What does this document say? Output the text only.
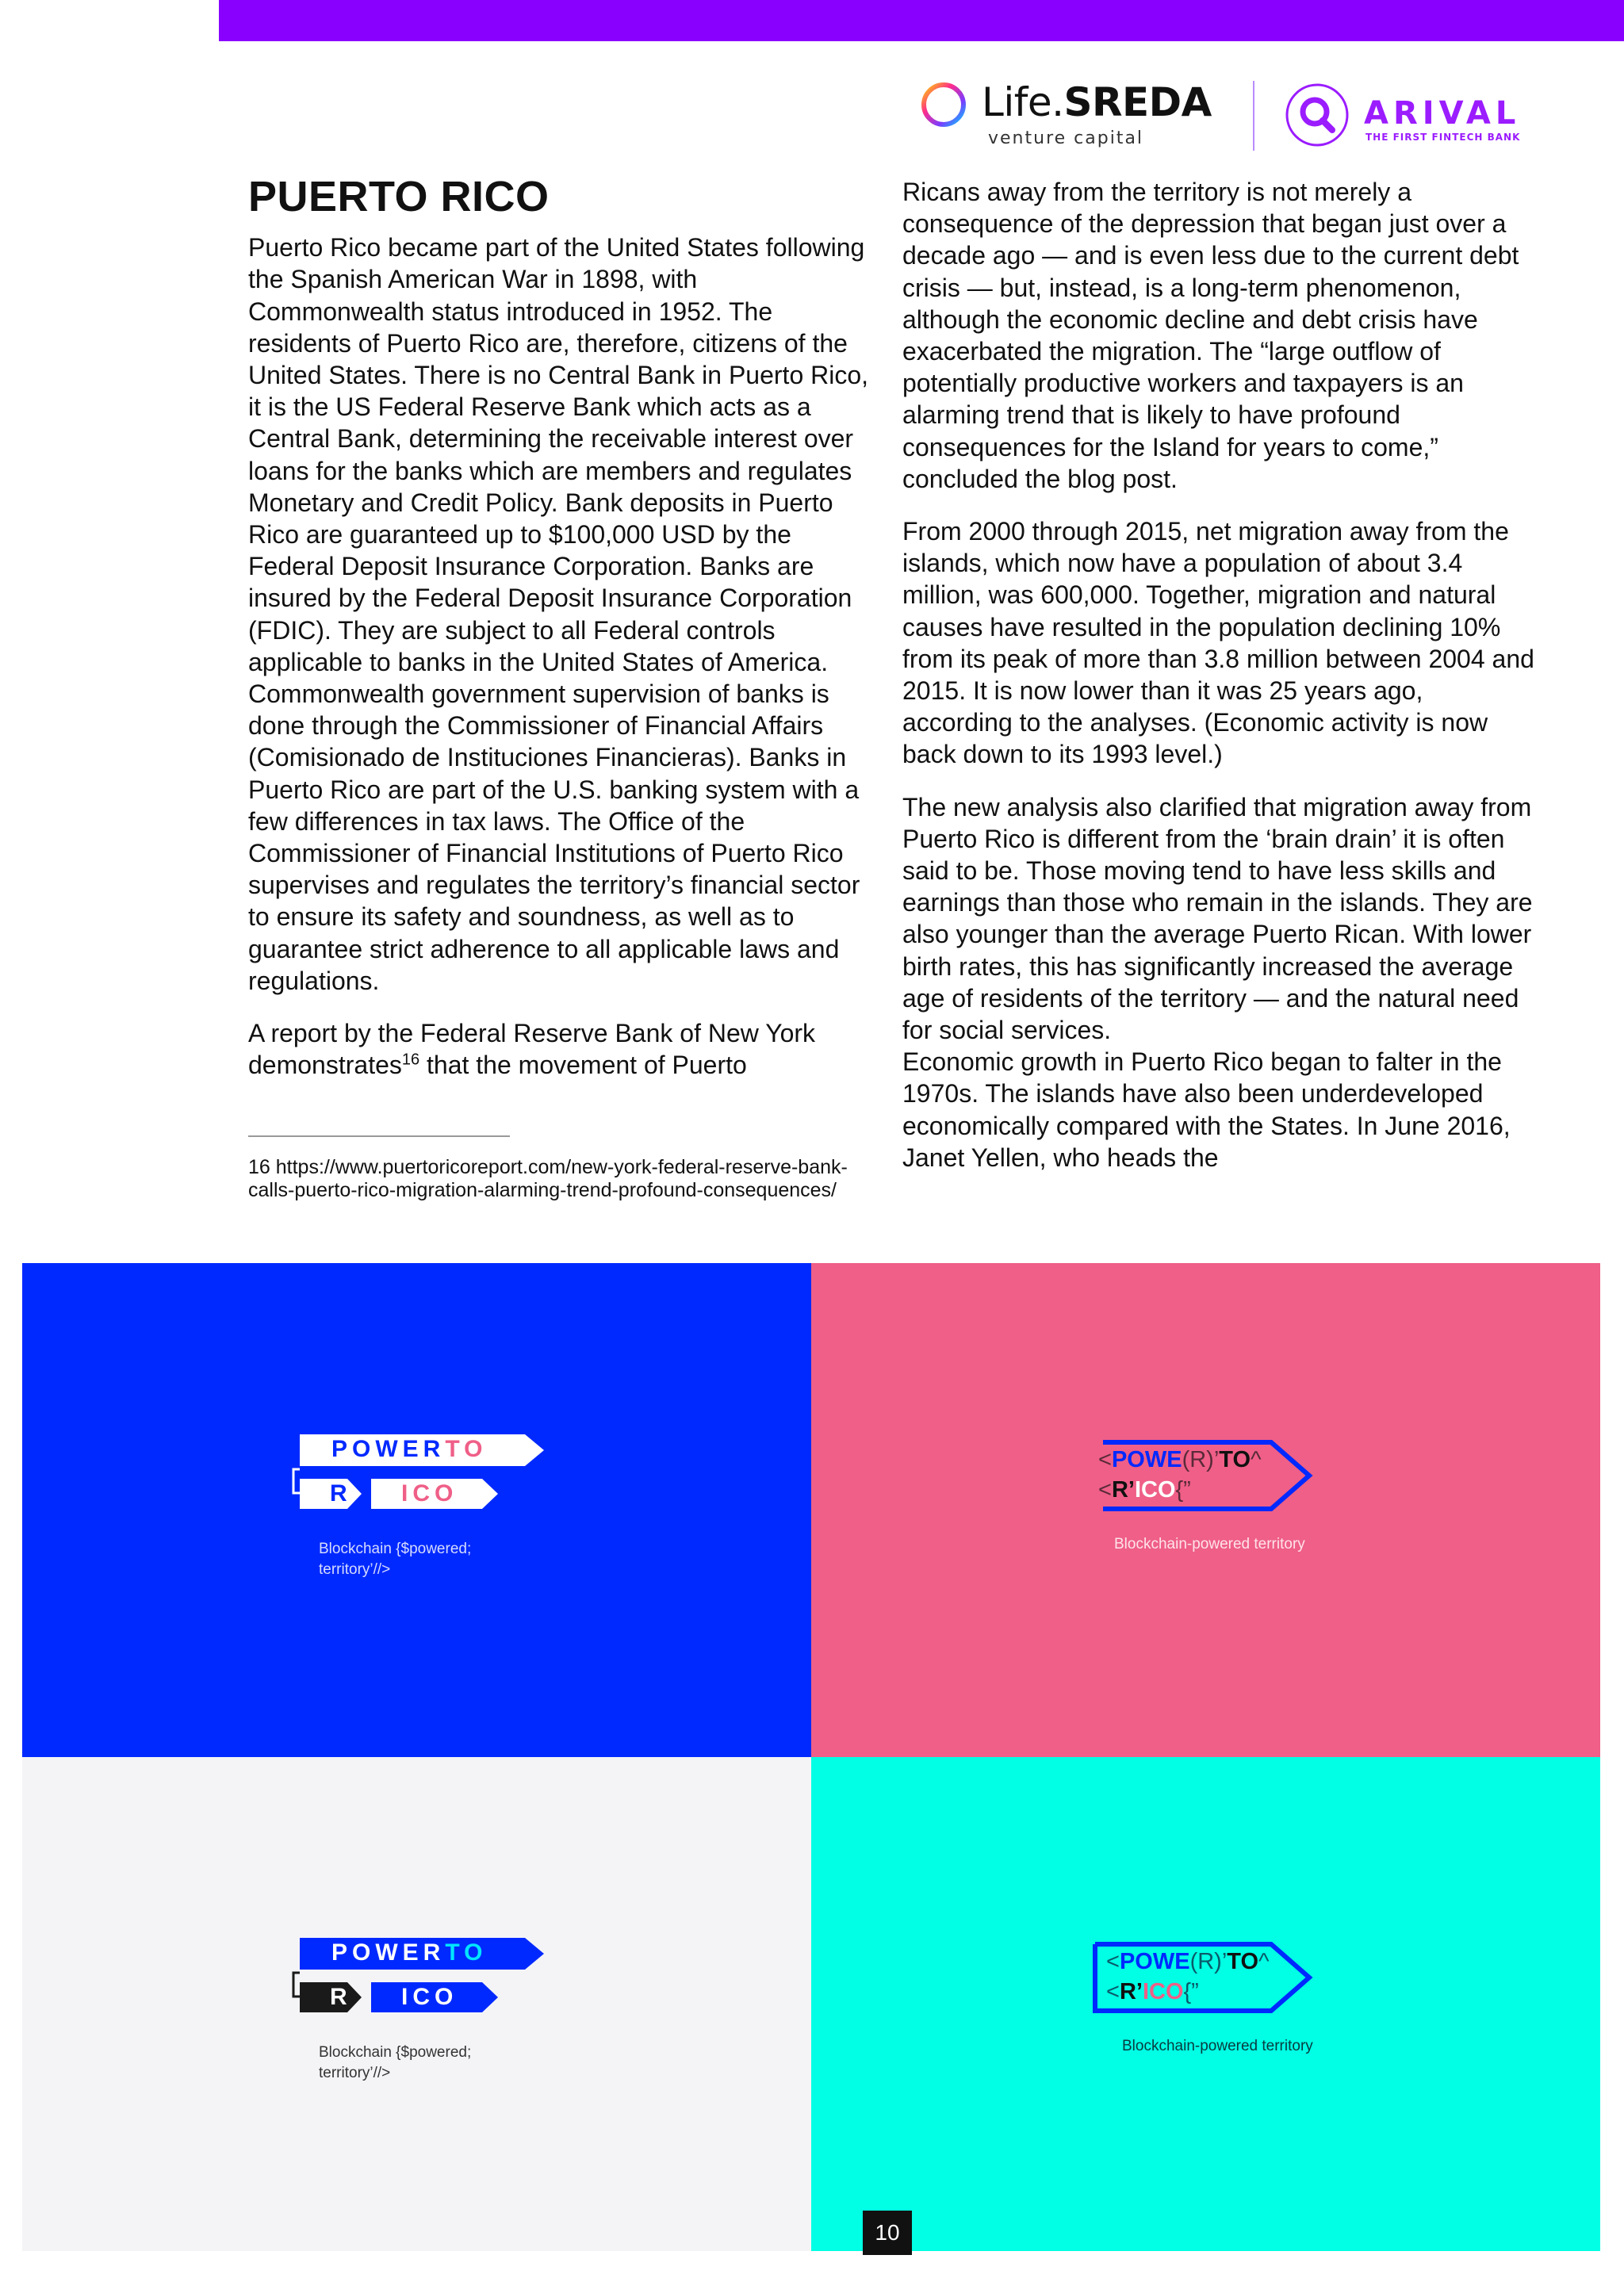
Life.SREDA
venture capital
ARIVAL
THE FIRST FINTECH BANK
PUERTO RICO

Puerto Rico became part of the United States following the Spanish American War in 1898, with Commonwealth status introduced in 1952. The residents of Puerto Rico are, therefore, citizens of the United States. There is no Central Bank in Puerto Rico, it is the US Federal Reserve Bank which acts as a Central Bank, determining the receivable interest over loans for the banks which are members and regulates Monetary and Credit Policy. Bank deposits in Puerto Rico are guaranteed up to $100,000 USD by the Federal Deposit Insurance Corporation. Banks are insured by the Federal Deposit Insurance Corporation (FDIC). They are subject to all Federal controls applicable to banks in the United States of America. Commonwealth government supervision of banks is done through the Commissioner of Financial Affairs (Comisionado de Instituciones Financieras). Banks in Puerto Rico are part of the U.S. banking system with a few differences in tax laws. The Office of the Commissioner of Financial Institutions of Puerto Rico supervises and regulates the territory’s financial sector to ensure its safety and soundness, as well as to guarantee strict adherence to all applicable laws and regulations.

A report by the Federal Reserve Bank of New York demonstrates$^{16}$ that the movement of Puerto

16 https://www.puertoricoreport.com/new-york-federal-reserve-bank-calls-puerto-rico-migration-alarming-trend-profound-consequences/

Ricans away from the territory is not merely a consequence of the depression that began just over a decade ago — and is even less due to the current debt crisis — but, instead, is a long-term phenomenon, although the economic decline and debt crisis have exacerbated the migration. The “large outflow of potentially productive workers and taxpayers is an alarming trend that is likely to have profound consequences for the Island for years to come,” concluded the blog post.

From 2000 through 2015, net migration away from the islands, which now have a population of about 3.4 million, was 600,000. Together, migration and natural causes have resulted in the population declining 10% from its peak of more than 3.8 million between 2004 and 2015. It is now lower than it was 25 years ago, according to the analyses. (Economic activity is now back down to its 1993 level.)

The new analysis also clarified that migration away from Puerto Rico is different from the ‘brain drain’ it is often said to be. Those moving tend to have less skills and earnings than those who remain in the islands. They are also younger than the average Puerto Rican. With lower birth rates, this has significantly increased the average age of residents of the territory — and the natural need for social services.
Economic growth in Puerto Rico began to falter in the 1970s. The islands have also been underdeveloped economically compared with the States. In June 2016, Janet Yellen, who heads the

POWERTO
R ICO
Blockchain {$powered; territory’//>
<POWE(R)’TO^
<R’ICO{”
Blockchain-powered territory
POWERTO
R ICO
Blockchain {$powered; territory’//>
<POWE(R)’TO^
<R’ICO{”
Blockchain-powered territory
10
